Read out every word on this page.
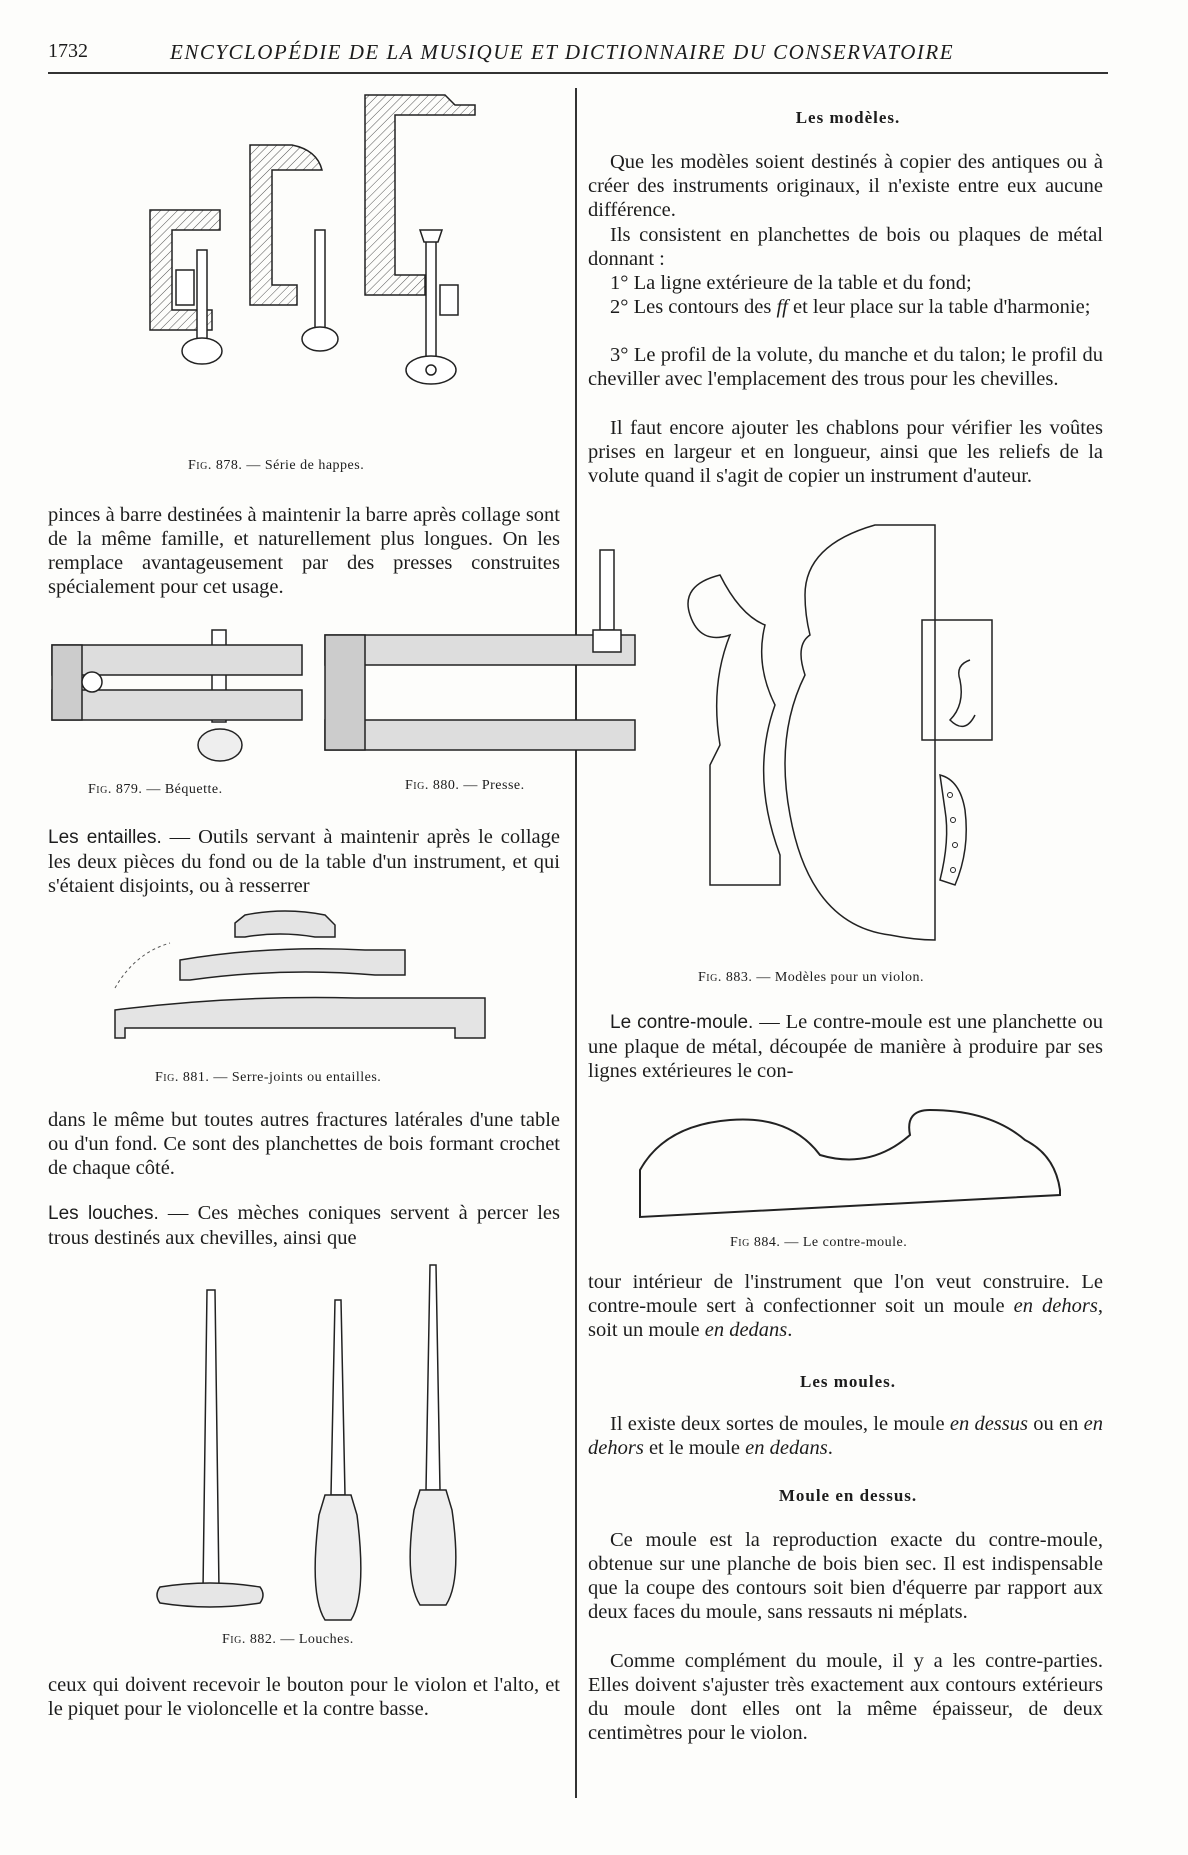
1732	ENCYCLOPÉDIE DE LA MUSIQUE ET DICTIONNAIRE DU CONSERVATOIRE
Fig. 878. — Série de happes.

pinces à barre destinées à maintenir la barre après collage sont de la même famille, et naturellement plus longues. On les remplace avantageusement par des presses construites spécialement pour cet usage.

Fig. 879. — Béquette.	Fig. 880. — Presse.

Les entailles. — Outils servant à maintenir après le collage les deux pièces du fond ou de la table d'un instrument, et qui s'étaient disjoints, ou à resserrer

Fig. 881. — Serre-joints ou entailles.

dans le même but toutes autres fractures latérales d'une table ou d'un fond. Ce sont des planchettes de bois formant crochet de chaque côté.

Les louches. — Ces mèches coniques servent à percer les trous destinés aux chevilles, ainsi que

Fig. 882. — Louches.

ceux qui doivent recevoir le bouton pour le violon et l'alto, et le piquet pour le violoncelle et la contre basse.

Les modèles.

Que les modèles soient destinés à copier des antiques ou à créer des instruments originaux, il n'existe entre eux aucune différence.

Ils consistent en planchettes de bois ou plaques de métal donnant :

1° La ligne extérieure de la table et du fond;

2° Les contours des ff et leur place sur la table d'harmonie;

3° Le profil de la volute, du manche et du talon; le profil du cheviller avec l'emplacement des trous pour les chevilles.

Il faut encore ajouter les chablons pour vérifier les voûtes prises en largeur et en longueur, ainsi que les reliefs de la volute quand il s'agit de copier un instrument d'auteur.

Fig. 883. — Modèles pour un violon.

Le contre-moule. — Le contre-moule est une planchette ou une plaque de métal, découpée de manière à produire par ses lignes extérieures le con-

Fig 884. — Le contre-moule.

tour intérieur de l'instrument que l'on veut construire. Le contre-moule sert à confectionner soit un moule en dehors, soit un moule en dedans.

Les moules.

Il existe deux sortes de moules, le moule en dessus ou en en dehors et le moule en dedans.

Moule en dessus.

Ce moule est la reproduction exacte du contre-moule, obtenue sur une planche de bois bien sec. Il est indispensable que la coupe des contours soit bien d'équerre par rapport aux deux faces du moule, sans ressauts ni méplats.

Comme complément du moule, il y a les contre-parties. Elles doivent s'ajuster très exactement aux contours extérieurs du moule dont elles ont la même épaisseur, de deux centimètres pour le violon.
